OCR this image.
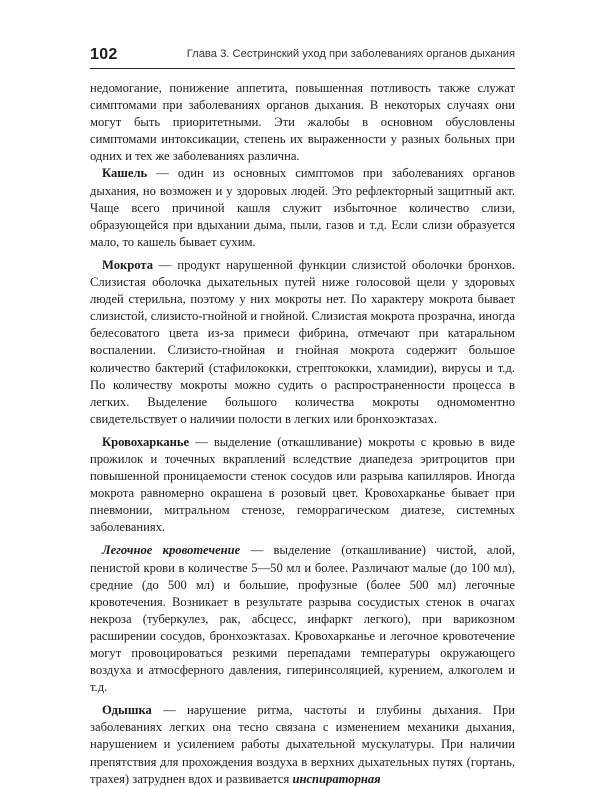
102	Глава 3. Сестринский уход при заболеваниях органов дыхания

недомогание, понижение аппетита, повышенная потливость также служат симптомами при заболеваниях органов дыхания. В некоторых случаях они могут быть приоритетными. Эти жалобы в основном обусловлены симптомами интоксикации, степень их выраженности у разных больных при одних и тех же заболеваниях различна.

Кашель — один из основных симптомов при заболеваниях органов дыхания, но возможен и у здоровых людей. Это рефлекторный защитный акт. Чаще всего причиной кашля служит избыточное количество слизи, образующейся при вдыхании дыма, пыли, газов и т.д. Если слизи образуется мало, то кашель бывает сухим.

Мокрота — продукт нарушенной функции слизистой оболочки бронхов. Слизистая оболочка дыхательных путей ниже голосовой щели у здоровых людей стерильна, поэтому у них мокроты нет. По характеру мокрота бывает слизистой, слизисто-гнойной и гнойной. Слизистая мокрота прозрачна, иногда белесоватого цвета из-за примеси фибрина, отмечают при катаральном воспалении. Слизисто-гнойная и гнойная мокрота содержит большое количество бактерий (стафилококки, стрептококки, хламидии), вирусы и т.д. По количеству мокроты можно судить о распространенности процесса в легких. Выделение большого количества мокроты одномоментно свидетельствует о наличии полости в легких или бронхоэктазах.

Кровохарканье — выделение (откашливание) мокроты с кровью в виде прожилок и точечных вкраплений вследствие диапедеза эритроцитов при повышенной проницаемости стенок сосудов или разрыва капилляров. Иногда мокрота равномерно окрашена в розовый цвет. Кровохарканье бывает при пневмонии, митральном стенозе, геморрагическом диатезе, системных заболеваниях.

Легочное кровотечение — выделение (откашливание) чистой, алой, пенистой крови в количестве 5—50 мл и более. Различают малые (до 100 мл), средние (до 500 мл) и большие, профузные (более 500 мл) легочные кровотечения. Возникает в результате разрыва сосудистых стенок в очагах некроза (туберкулез, рак, абсцесс, инфаркт легкого), при варикозном расширении сосудов, бронхоэктазах. Кровохарканье и легочное кровотечение могут провоцироваться резкими перепадами температуры окружающего воздуха и атмосферного давления, гиперинсоляцией, курением, алкоголем и т.д.

Одышка — нарушение ритма, частоты и глубины дыхания. При заболеваниях легких она тесно связана с изменением механики дыхания, нарушением и усилением работы дыхательной мускулатуры. При наличии препятствия для прохождения воздуха в верхних дыхательных путях (гортань, трахея) затруднен вдох и развивается инспираторная
